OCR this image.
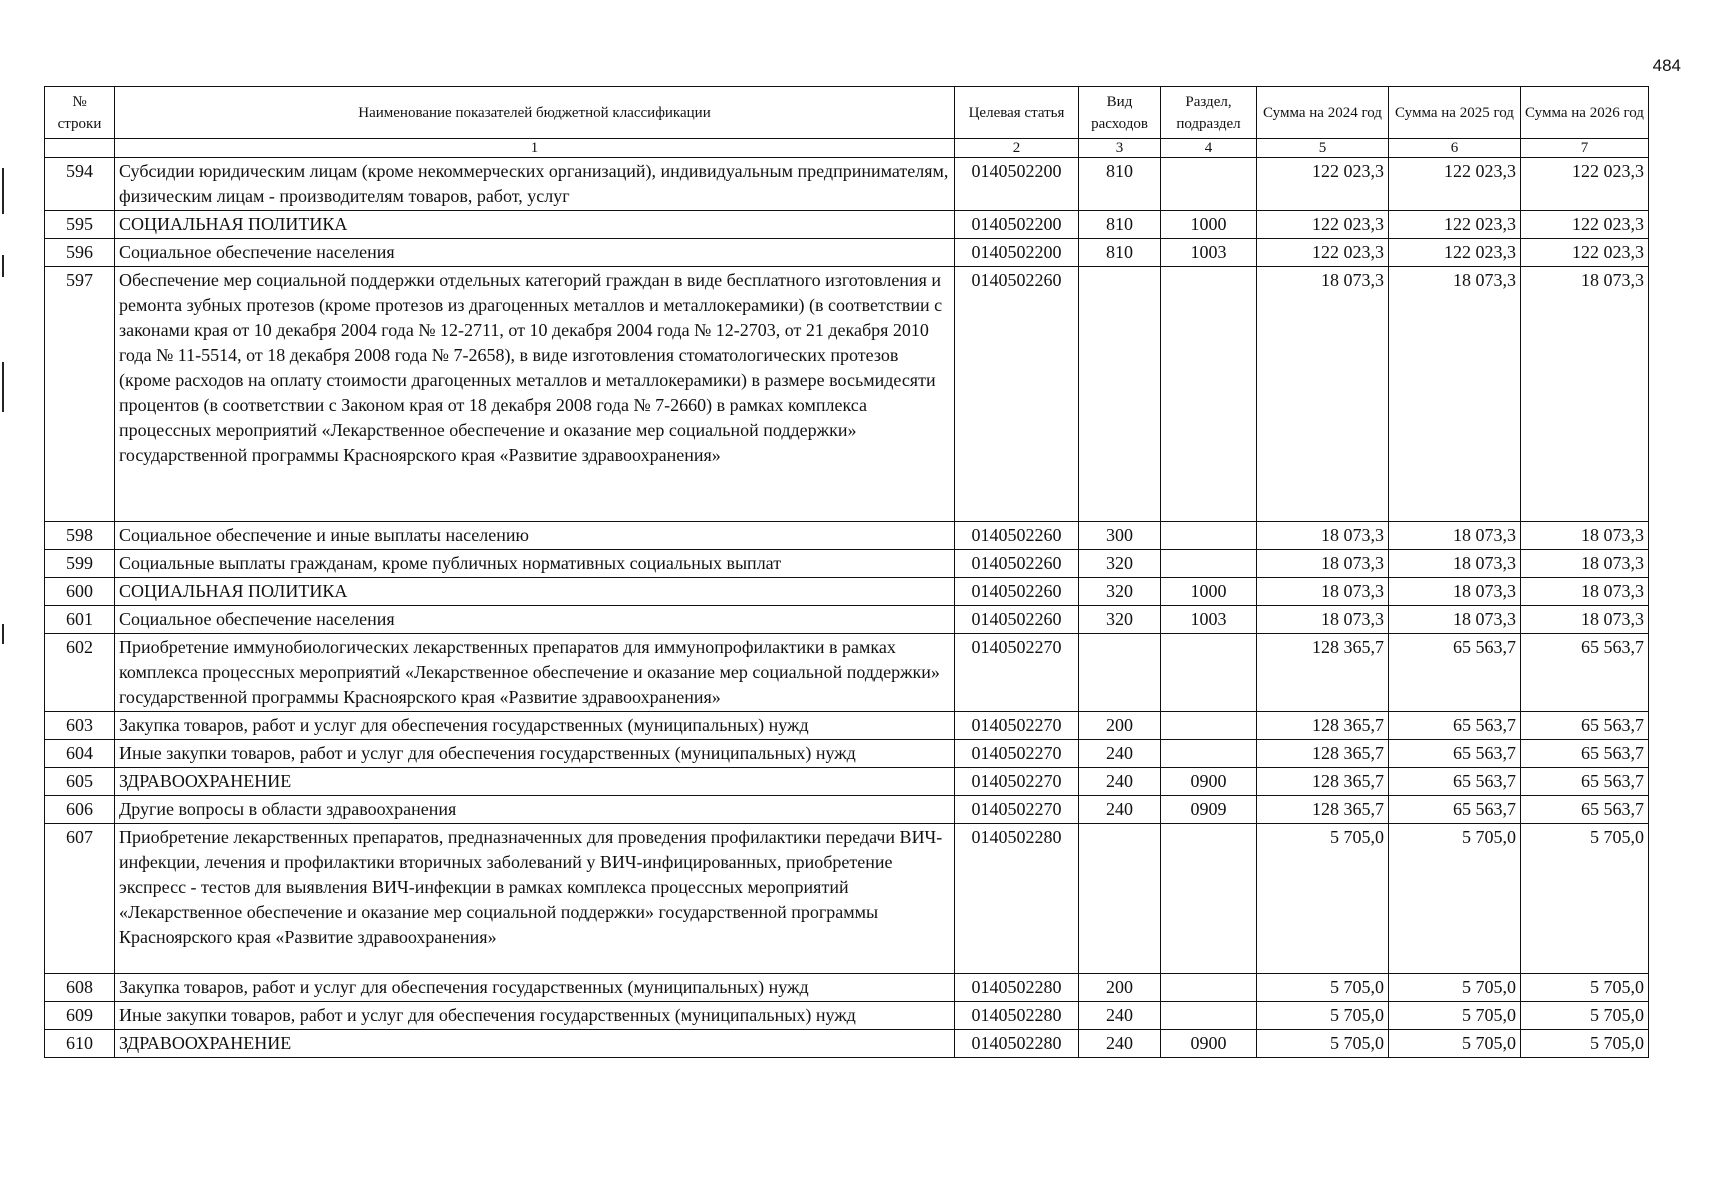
484
№ строки	Наименование показателей бюджетной классификации	Целевая статья	Вид расходов	Раздел, подраздел	Сумма на 2024 год	Сумма на 2025 год	Сумма на 2026 год
	1	2	3	4	5	6	7
594	Субсидии юридическим лицам (кроме некоммерческих организаций), индивидуальным предпринимателям, физическим лицам - производителям товаров, работ, услуг	0140502200	810		122 023,3	122 023,3	122 023,3
595	СОЦИАЛЬНАЯ ПОЛИТИКА	0140502200	810	1000	122 023,3	122 023,3	122 023,3
596	Социальное обеспечение населения	0140502200	810	1003	122 023,3	122 023,3	122 023,3
597	Обеспечение мер социальной поддержки отдельных категорий граждан в виде бесплатного изготовления и ремонта зубных протезов (кроме протезов из драгоценных металлов и металлокерамики) (в соответствии с законами края от 10 декабря 2004 года № 12-2711, от 10 декабря 2004 года № 12-2703, от 21 декабря 2010 года № 11-5514, от 18 декабря 2008 года № 7-2658), в виде изготовления стоматологических протезов (кроме расходов на оплату стоимости драгоценных металлов и металлокерамики) в размере восьмидесяти процентов (в соответствии с Законом края от 18 декабря 2008 года № 7-2660) в рамках комплекса процессных мероприятий «Лекарственное обеспечение и оказание мер социальной поддержки» государственной программы Красноярского края «Развитие здравоохранения»	0140502260			18 073,3	18 073,3	18 073,3
598	Социальное обеспечение и иные выплаты населению	0140502260	300		18 073,3	18 073,3	18 073,3
599	Социальные выплаты гражданам, кроме публичных нормативных социальных выплат	0140502260	320		18 073,3	18 073,3	18 073,3
600	СОЦИАЛЬНАЯ ПОЛИТИКА	0140502260	320	1000	18 073,3	18 073,3	18 073,3
601	Социальное обеспечение населения	0140502260	320	1003	18 073,3	18 073,3	18 073,3
602	Приобретение иммунобиологических лекарственных препаратов для иммунопрофилактики в рамках комплекса процессных мероприятий «Лекарственное обеспечение и оказание мер социальной поддержки» государственной программы Красноярского края «Развитие здравоохранения»	0140502270			128 365,7	65 563,7	65 563,7
603	Закупка товаров, работ и услуг для обеспечения государственных (муниципальных) нужд	0140502270	200		128 365,7	65 563,7	65 563,7
604	Иные закупки товаров, работ и услуг для обеспечения государственных (муниципальных) нужд	0140502270	240		128 365,7	65 563,7	65 563,7
605	ЗДРАВООХРАНЕНИЕ	0140502270	240	0900	128 365,7	65 563,7	65 563,7
606	Другие вопросы в области здравоохранения	0140502270	240	0909	128 365,7	65 563,7	65 563,7
607	Приобретение лекарственных препаратов, предназначенных для проведения профилактики передачи ВИЧ-инфекции, лечения и профилактики вторичных заболеваний у ВИЧ-инфицированных, приобретение экспресс - тестов для выявления ВИЧ-инфекции в рамках комплекса процессных мероприятий «Лекарственное обеспечение и оказание мер социальной поддержки» государственной программы Красноярского края «Развитие здравоохранения»	0140502280			5 705,0	5 705,0	5 705,0
608	Закупка товаров, работ и услуг для обеспечения государственных (муниципальных) нужд	0140502280	200		5 705,0	5 705,0	5 705,0
609	Иные закупки товаров, работ и услуг для обеспечения государственных (муниципальных) нужд	0140502280	240		5 705,0	5 705,0	5 705,0
610	ЗДРАВООХРАНЕНИЕ	0140502280	240	0900	5 705,0	5 705,0	5 705,0
